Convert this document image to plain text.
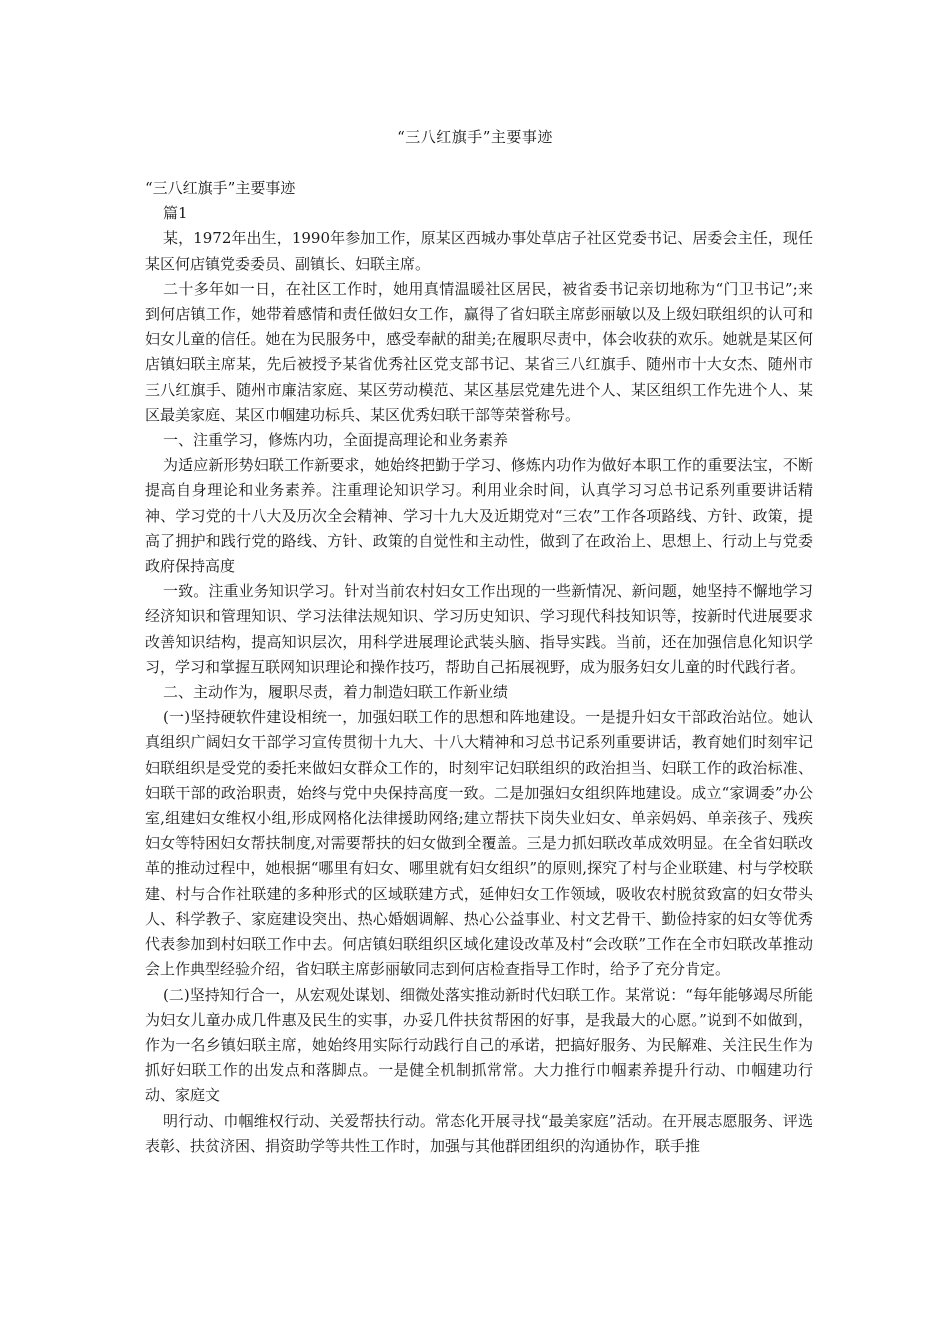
“三八红旗手”主要事迹

“三八红旗手”主要事迹

篇1

某，1972年出生，1990年参加工作，原某区西城办事处草店子社区党委书记、居委会主任，现任某区何店镇党委委员、副镇长、妇联主席。

二十多年如一日，在社区工作时，她用真情温暖社区居民，被省委书记亲切地称为“门卫书记”;来到何店镇工作，她带着感情和责任做妇女工作，赢得了省妇联主席彭丽敏以及上级妇联组织的认可和妇女儿童的信任。她在为民服务中，感受奉献的甜美;在履职尽责中，体会收获的欢乐。她就是某区何店镇妇联主席某，先后被授予某省优秀社区党支部书记、某省三八红旗手、随州市十大女杰、随州市三八红旗手、随州市廉洁家庭、某区劳动模范、某区基层党建先进个人、某区组织工作先进个人、某区最美家庭、某区巾帼建功标兵、某区优秀妇联干部等荣誉称号。

一、注重学习，修炼内功，全面提高理论和业务素养

为适应新形势妇联工作新要求，她始终把勤于学习、修炼内功作为做好本职工作的重要法宝，不断提高自身理论和业务素养。注重理论知识学习。利用业余时间，认真学习习总书记系列重要讲话精神、学习党的十八大及历次全会精神、学习十九大及近期党对“三农”工作各项路线、方针、政策，提高了拥护和践行党的路线、方针、政策的自觉性和主动性，做到了在政治上、思想上、行动上与党委政府保持高度

一致。注重业务知识学习。针对当前农村妇女工作出现的一些新情况、新问题，她坚持不懈地学习经济知识和管理知识、学习法律法规知识、学习历史知识、学习现代科技知识等，按新时代进展要求改善知识结构，提高知识层次，用科学进展理论武装头脑、指导实践。当前，还在加强信息化知识学习，学习和掌握互联网知识理论和操作技巧，帮助自己拓展视野，成为服务妇女儿童的时代践行者。

二、主动作为，履职尽责，着力制造妇联工作新业绩

(一)坚持硬软件建设相统一，加强妇联工作的思想和阵地建设。一是提升妇女干部政治站位。她认真组织广阔妇女干部学习宣传贯彻十九大、十八大精神和习总书记系列重要讲话，教育她们时刻牢记妇联组织是受党的委托来做妇女群众工作的，时刻牢记妇联组织的政治担当、妇联工作的政治标准、妇联干部的政治职责，始终与党中央保持高度一致。二是加强妇女组织阵地建设。成立“家调委”办公室,组建妇女维权小组,形成网格化法律援助网络;建立帮扶下岗失业妇女、单亲妈妈、单亲孩子、残疾妇女等特困妇女帮扶制度,对需要帮扶的妇女做到全覆盖。三是力抓妇联改革成效明显。在全省妇联改革的推动过程中，她根据“哪里有妇女、哪里就有妇女组织”的原则,探究了村与企业联建、村与学校联建、村与合作社联建的多种形式的区域联建方式，延伸妇女工作领域，吸收农村脱贫致富的妇女带头人、科学教子、家庭建设突出、热心婚姻调解、热心公益事业、村文艺骨干、勤俭持家的妇女等优秀代表参加到村妇联工作中去。何店镇妇联组织区域化建设改革及村“会改联”工作在全市妇联改革推动会上作典型经验介绍，省妇联主席彭丽敏同志到何店检查指导工作时，给予了充分肯定。

(二)坚持知行合一，从宏观处谋划、细微处落实推动新时代妇联工作。某常说：“每年能够竭尽所能为妇女儿童办成几件惠及民生的实事，办妥几件扶贫帮困的好事，是我最大的心愿。”说到不如做到，作为一名乡镇妇联主席，她始终用实际行动践行自己的承诺，把搞好服务、为民解难、关注民生作为抓好妇联工作的出发点和落脚点。一是健全机制抓常常。大力推行巾帼素养提升行动、巾帼建功行动、家庭文

明行动、巾帼维权行动、关爱帮扶行动。常态化开展寻找“最美家庭”活动。在开展志愿服务、评选表彰、扶贫济困、捐资助学等共性工作时，加强与其他群团组织的沟通协作，联手推
